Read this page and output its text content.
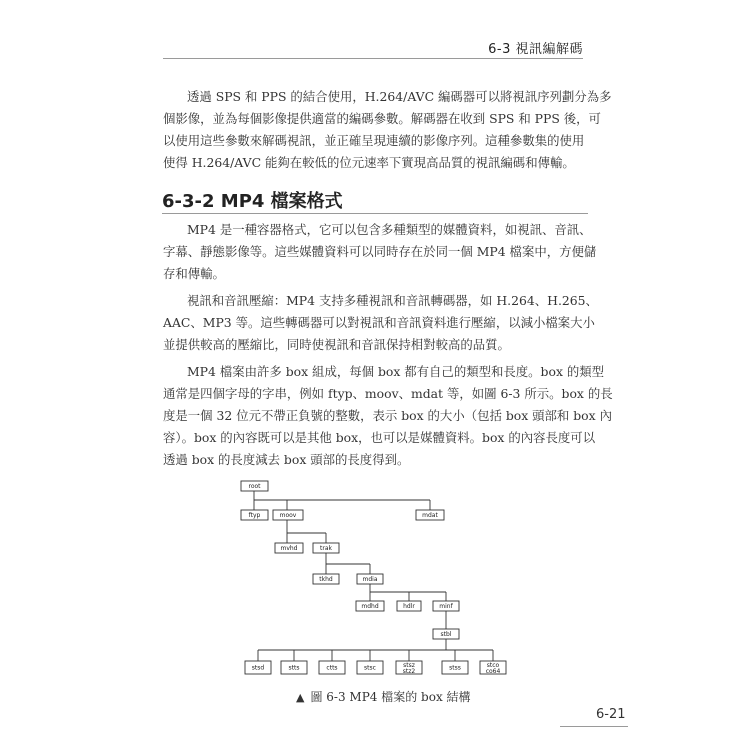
6-3 視訊編解碼

透過 SPS 和 PPS 的結合使用，H.264/AVC 編碼器可以將視訊序列劃分為多
個影像，並為每個影像提供適當的編碼參數。解碼器在收到 SPS 和 PPS 後，可
以使用這些參數來解碼視訊，並正確呈現連續的影像序列。這種參數集的使用
使得 H.264/AVC 能夠在較低的位元速率下實現高品質的視訊編碼和傳輸。

6-3-2 MP4 檔案格式

MP4 是一種容器格式，它可以包含多種類型的媒體資料，如視訊、音訊、
字幕、靜態影像等。這些媒體資料可以同時存在於同一個 MP4 檔案中，方便儲
存和傳輸。

視訊和音訊壓縮：MP4 支持多種視訊和音訊轉碼器，如 H.264、H.265、
AAC、MP3 等。這些轉碼器可以對視訊和音訊資料進行壓縮，以減小檔案大小
並提供較高的壓縮比，同時使視訊和音訊保持相對較高的品質。

MP4 檔案由許多 box 組成，每個 box 都有自己的類型和長度。box 的類型
通常是四個字母的字串，例如 ftyp、moov、mdat 等，如圖 6-3 所示。box 的長
度是一個 32 位元不帶正負號的整數，表示 box 的大小（包括 box 頭部和 box 內
容）。box 的內容既可以是其他 box，也可以是媒體資料。box 的內容長度可以
透過 box 的長度減去 box 頭部的長度得到。

root
ftyp	moov	mdat
mvhd	trak
tkhd	mdia
mdhd	hdlr	minf
stbl
stsd	stts	ctts	stsc	stsz
stz2	stss	stco
co64
▲ 圖 6-3 MP4 檔案的 box 結構
6-21
